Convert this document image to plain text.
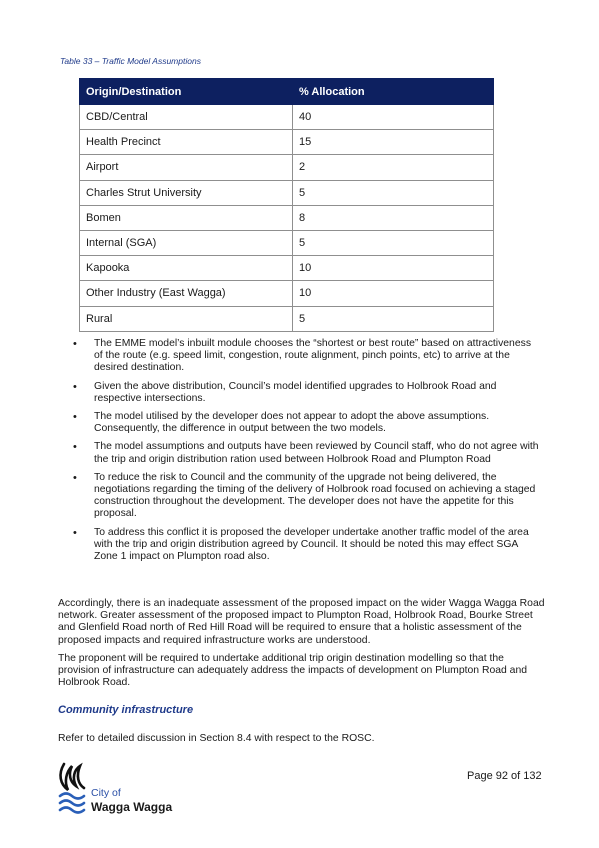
Table 33 – Traffic Model Assumptions
Origin/Destination	% Allocation
CBD/Central	40
Health Precinct	15
Airport	2
Charles Strut University	5
Bomen	8
Internal (SGA)	5
Kapooka	10
Other Industry (East Wagga)	10
Rural	5
• The EMME model’s inbuilt module chooses the “shortest or best route” based on attractiveness of the route (e.g. speed limit, congestion, route alignment, pinch points, etc) to arrive at the desired destination.
• Given the above distribution, Council’s model identified upgrades to Holbrook Road and respective intersections.
• The model utilised by the developer does not appear to adopt the above assumptions. Consequently, the difference in output between the two models.
• The model assumptions and outputs have been reviewed by Council staff, who do not agree with the trip and origin distribution ration used between Holbrook Road and Plumpton Road
• To reduce the risk to Council and the community of the upgrade not being delivered, the negotiations regarding the timing of the delivery of Holbrook road focused on achieving a staged construction throughout the development. The developer does not have the appetite for this proposal.
• To address this conflict it is proposed the developer undertake another traffic model of the area with the trip and origin distribution agreed by Council. It should be noted this may effect SGA Zone 1 impact on Plumpton road also.

Accordingly, there is an inadequate assessment of the proposed impact on the wider Wagga Wagga Road network. Greater assessment of the proposed impact to Plumpton Road, Holbrook Road, Bourke Street and Glenfield Road north of Red Hill Road will be required to ensure that a holistic assessment of the proposed impacts and required infrastructure works are understood.

The proponent will be required to undertake additional trip origin destination modelling so that the provision of infrastructure can adequately address the impacts of development on Plumpton Road and Holbrook Road.

Community infrastructure

Refer to detailed discussion in Section 8.4 with respect to the ROSC.

Page 92 of 132
City of
Wagga Wagga
